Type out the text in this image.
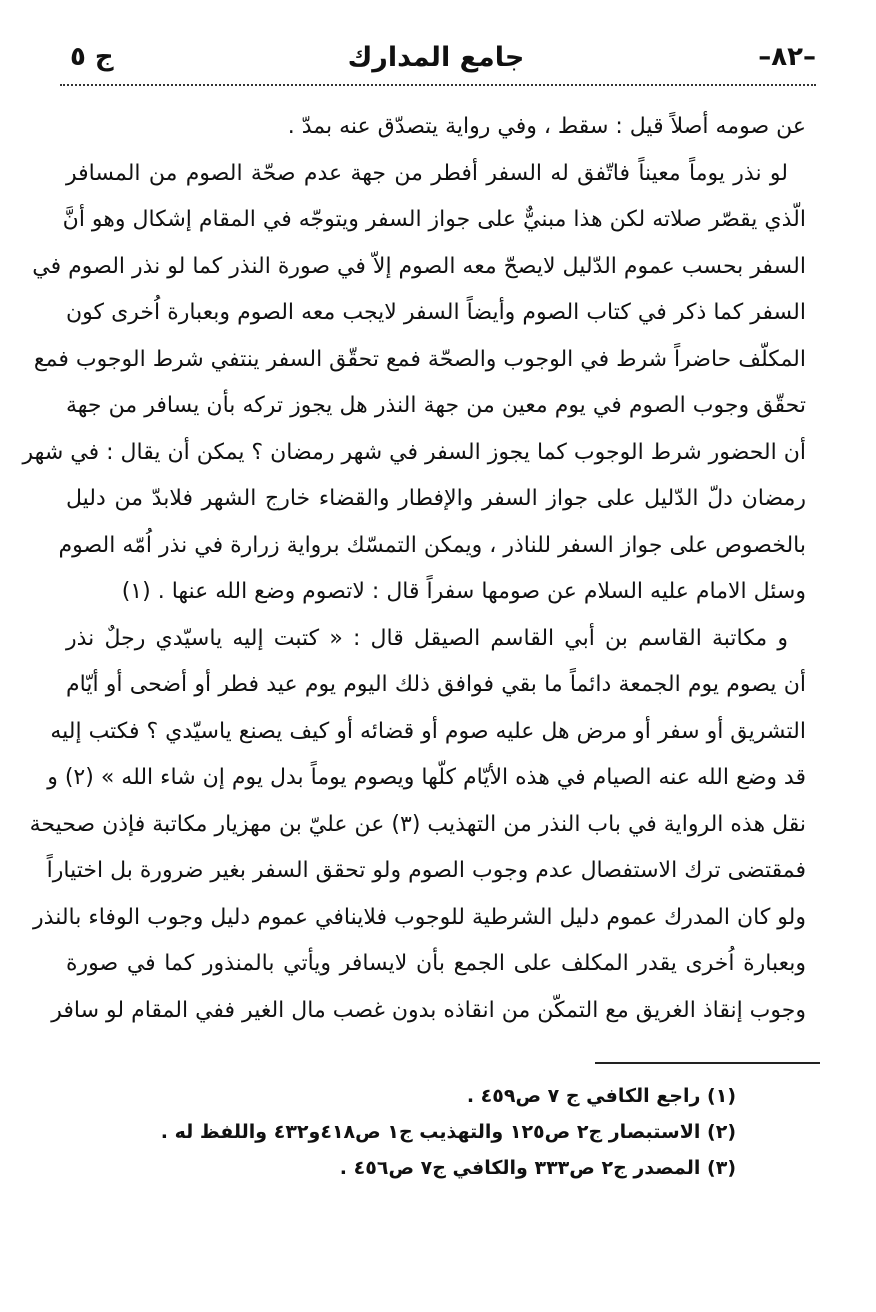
ج ٥	جامع المدارك	–٨٢–
عن صومه أصلاً قيل : سقط ، وفي رواية يتصدّق عنه بمدّ .
لو نذر يوماً معيناً فاتّفق له السفر أفطر من جهة عدم صحّة الصوم من المسافر
الّذي يقصّر صلاته لكن هذا مبنيٌّ على جواز السفر ويتوجّه في المقام إشكال وهو أنَّ
السفر بحسب عموم الدّليل لايصحّ معه الصوم إلاّ في صورة النذر كما لو نذر الصوم في
السفر كما ذكر في كتاب الصوم وأيضاً السفر لايجب معه الصوم وبعبارة اُخرى كون
المكلّف حاضراً شرط في الوجوب والصحّة فمع تحقّق السفر ينتفي شرط الوجوب فمع
تحقّق وجوب الصوم في يوم معين من جهة النذر هل يجوز تركه بأن يسافر من جهة
أن الحضور شرط الوجوب كما يجوز السفر في شهر رمضان ؟ يمكن أن يقال : في شهر
رمضان دلّ الدّليل على جواز السفر والإفطار والقضاء خارج الشهر فلابدّ من دليل
بالخصوص على جواز السفر للناذر ، ويمكن التمسّك برواية زرارة في نذر اُمّه الصوم
وسئل الامام عليه السلام عن صومها سفراً قال : لاتصوم وضع الله عنها . (١)
و مكاتبة القاسم بن أبي القاسم الصيقل قال : « كتبت إليه ياسيّدي رجلٌ نذر
أن يصوم يوم الجمعة دائماً ما بقي فوافق ذلك اليوم يوم عيد فطر أو أضحى أو أيّام
التشريق أو سفر أو مرض هل عليه صوم أو قضائه أو كيف يصنع ياسيّدي ؟ فكتب إليه
قد وضع الله عنه الصيام في هذه الأيّام كلّها ويصوم يوماً بدل يوم إن شاء الله » (٢) و
نقل هذه الرواية في باب النذر من التهذيب (٣) عن عليّ بن مهزيار مكاتبة فإذن صحيحة
فمقتضى ترك الاستفصال عدم وجوب الصوم ولو تحقق السفر بغير ضرورة بل اختياراً
ولو كان المدرك عموم دليل الشرطية للوجوب فلاينافي عموم دليل وجوب الوفاء بالنذر
وبعبارة اُخرى يقدر المكلف على الجمع بأن لايسافر ويأتي بالمنذور كما في صورة
وجوب إنقاذ الغريق مع التمكّن من انقاذه بدون غصب مال الغير ففي المقام لو سافر
(١) راجع الكافي ج ٧ ص٤٥٩ .
(٢) الاستبصار ج٢ ص١٢٥ والتهذيب ج١ ص٤١٨و٤٣٢ واللفظ له .
(٣) المصدر ج٢ ص٣٣٣ والكافي ج٧ ص٤٥٦ .
